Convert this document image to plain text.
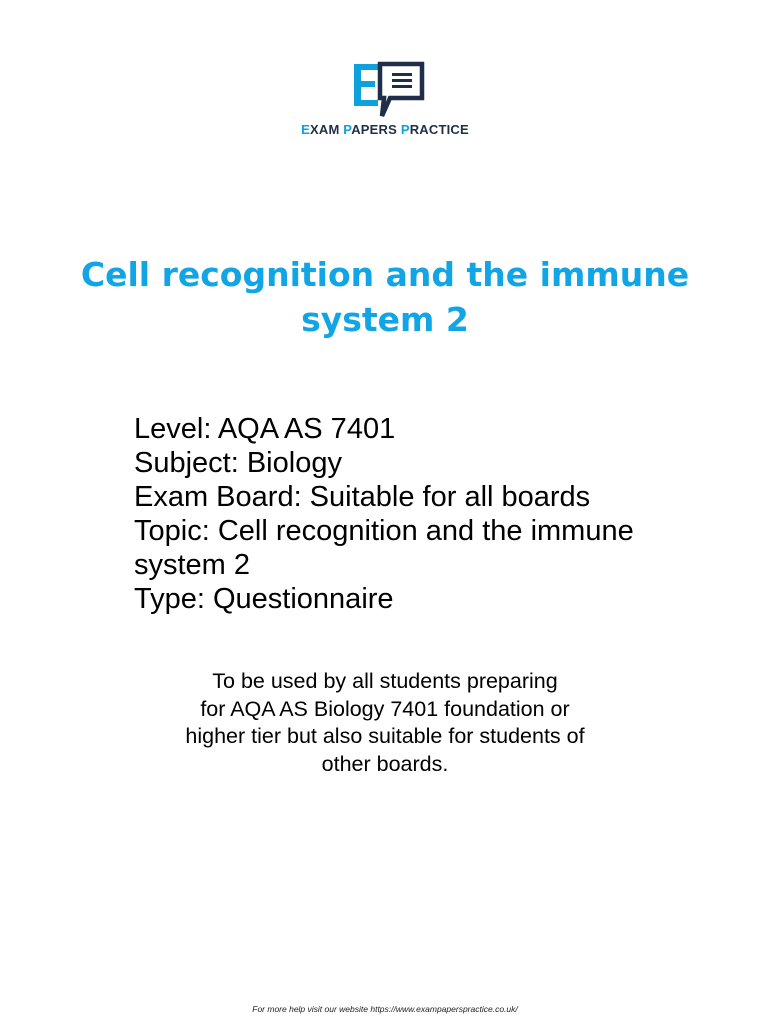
EXAM PAPERS PRACTICE
Cell recognition and the immune
system 2
Level: AQA AS 7401
Subject: Biology
Exam Board: Suitable for all boards
Topic: Cell recognition and the immune
system 2
Type: Questionnaire
To be used by all students preparing
for AQA AS Biology 7401 foundation or
higher tier but also suitable for students of
other boards.
For more help visit our website https://www.exampaperspractice.co.uk/
